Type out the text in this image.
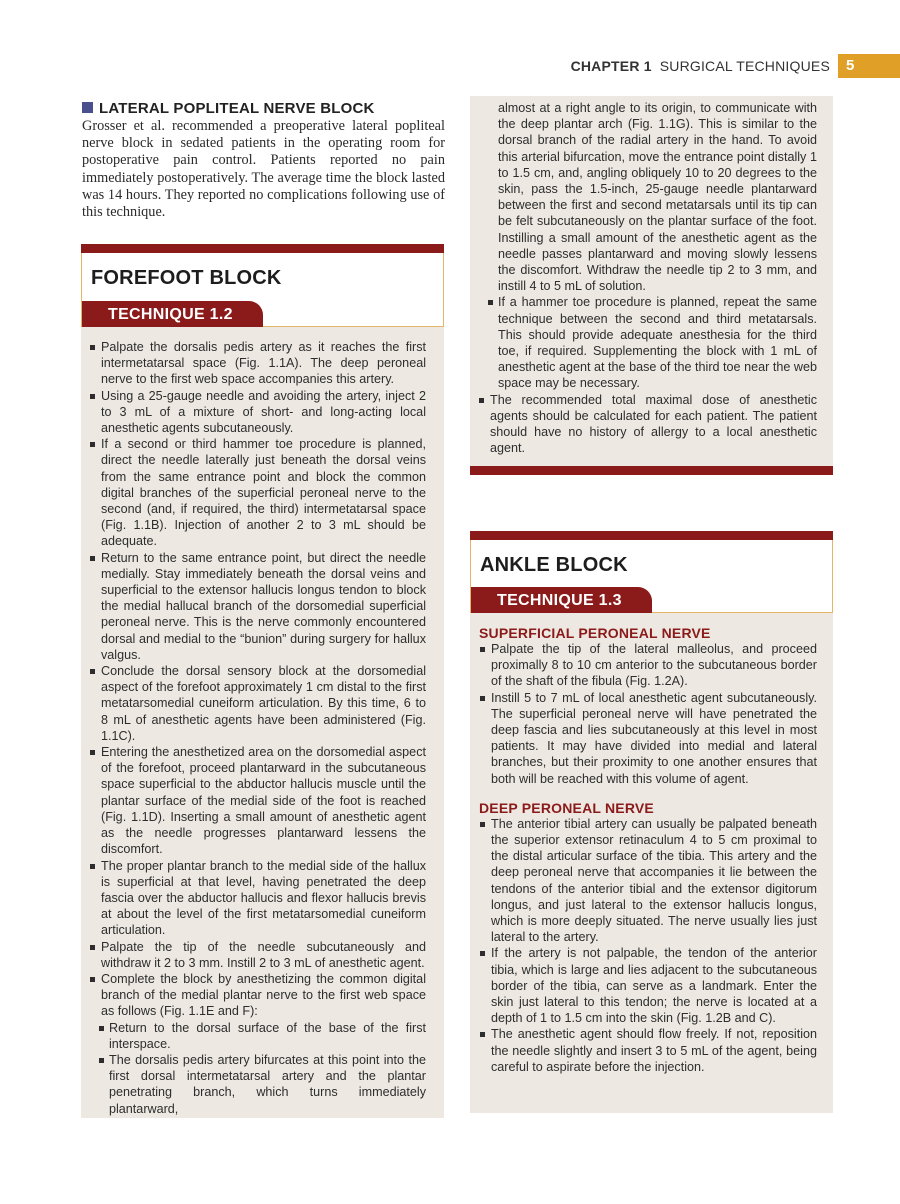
CHAPTER 1 SURGICAL TECHNIQUES	5
LATERAL POPLITEAL NERVE BLOCK

Grosser et al. recommended a preoperative lateral popliteal nerve block in sedated patients in the operating room for postoperative pain control. Patients reported no pain immediately postoperatively. The average time the block lasted was 14 hours. They reported no complications following use of this technique.

FOREFOOT BLOCK
TECHNIQUE 1.2
Palpate the dorsalis pedis artery as it reaches the first intermetatarsal space (Fig. 1.1A). The deep peroneal nerve to the first web space accompanies this artery.
Using a 25-gauge needle and avoiding the artery, inject 2 to 3 mL of a mixture of short- and long-acting local anesthetic agents subcutaneously.
If a second or third hammer toe procedure is planned, direct the needle laterally just beneath the dorsal veins from the same entrance point and block the common digital branches of the superficial peroneal nerve to the second (and, if required, the third) intermetatarsal space (Fig. 1.1B). Injection of another 2 to 3 mL should be adequate.
Return to the same entrance point, but direct the needle medially. Stay immediately beneath the dorsal veins and superficial to the extensor hallucis longus tendon to block the medial hallucal branch of the dorsomedial superficial peroneal nerve. This is the nerve commonly encountered dorsal and medial to the “bunion” during surgery for hallux valgus.
Conclude the dorsal sensory block at the dorsomedial aspect of the forefoot approximately 1 cm distal to the first metatarsomedial cuneiform articulation. By this time, 6 to 8 mL of anesthetic agents have been administered (Fig. 1.1C).
Entering the anesthetized area on the dorsomedial aspect of the forefoot, proceed plantarward in the subcutaneous space superficial to the abductor hallucis muscle until the plantar surface of the medial side of the foot is reached (Fig. 1.1D). Inserting a small amount of anesthetic agent as the needle progresses plantarward lessens the discomfort.
The proper plantar branch to the medial side of the hallux is superficial at that level, having penetrated the deep fascia over the abductor hallucis and flexor hallucis brevis at about the level of the first metatarsomedial cuneiform articulation.
Palpate the tip of the needle subcutaneously and withdraw it 2 to 3 mm. Instill 2 to 3 mL of anesthetic agent.
Complete the block by anesthetizing the common digital branch of the medial plantar nerve to the first web space as follows (Fig. 1.1E and F):
Return to the dorsal surface of the base of the first interspace.
The dorsalis pedis artery bifurcates at this point into the first dorsal intermetatarsal artery and the plantar penetrating branch, which turns immediately plantarward,
almost at a right angle to its origin, to communicate with the deep plantar arch (Fig. 1.1G). This is similar to the dorsal branch of the radial artery in the hand. To avoid this arterial bifurcation, move the entrance point distally 1 to 1.5 cm, and, angling obliquely 10 to 20 degrees to the skin, pass the 1.5-inch, 25-gauge needle plantarward between the first and second metatarsals until its tip can be felt subcutaneously on the plantar surface of the foot. Instilling a small amount of the anesthetic agent as the needle passes plantarward and moving slowly lessens the discomfort. Withdraw the needle tip 2 to 3 mm, and instill 4 to 5 mL of solution.
If a hammer toe procedure is planned, repeat the same technique between the second and third metatarsals. This should provide adequate anesthesia for the third toe, if required. Supplementing the block with 1 mL of anesthetic agent at the base of the third toe near the web space may be necessary.
The recommended total maximal dose of anesthetic agents should be calculated for each patient. The patient should have no history of allergy to a local anesthetic agent.
ANKLE BLOCK
TECHNIQUE 1.3
SUPERFICIAL PERONEAL NERVE
Palpate the tip of the lateral malleolus, and proceed proximally 8 to 10 cm anterior to the subcutaneous border of the shaft of the fibula (Fig. 1.2A).
Instill 5 to 7 mL of local anesthetic agent subcutaneously. The superficial peroneal nerve will have penetrated the deep fascia and lies subcutaneously at this level in most patients. It may have divided into medial and lateral branches, but their proximity to one another ensures that both will be reached with this volume of agent.
DEEP PERONEAL NERVE
The anterior tibial artery can usually be palpated beneath the superior extensor retinaculum 4 to 5 cm proximal to the distal articular surface of the tibia. This artery and the deep peroneal nerve that accompanies it lie between the tendons of the anterior tibial and the extensor digitorum longus, and just lateral to the extensor hallucis longus, which is more deeply situated. The nerve usually lies just lateral to the artery.
If the artery is not palpable, the tendon of the anterior tibia, which is large and lies adjacent to the subcutaneous border of the tibia, can serve as a landmark. Enter the skin just lateral to this tendon; the nerve is located at a depth of 1 to 1.5 cm into the skin (Fig. 1.2B and C).
The anesthetic agent should flow freely. If not, reposition the needle slightly and insert 3 to 5 mL of the agent, being careful to aspirate before the injection.
